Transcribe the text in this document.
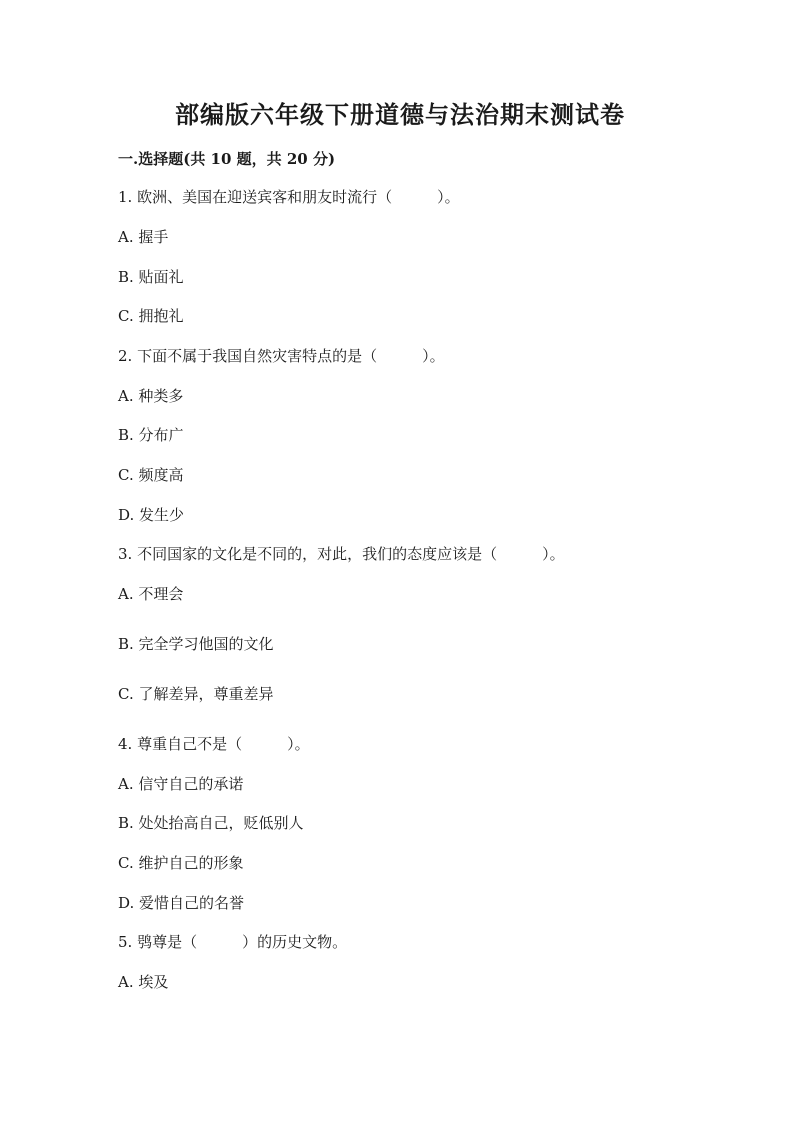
部编版六年级下册道德与法治期末测试卷
一.选择题(共 10 题，共 20 分)
1. 欧洲、美国在迎送宾客和朋友时流行（　　　）。
A. 握手
B. 贴面礼
C. 拥抱礼
2. 下面不属于我国自然灾害特点的是（　　　）。
A. 种类多
B. 分布广
C. 频度高
D. 发生少
3. 不同国家的文化是不同的，对此，我们的态度应该是（　　　）。
A. 不理会
B. 完全学习他国的文化
C. 了解差异，尊重差异
4. 尊重自己不是（　　　）。
A. 信守自己的承诺
B. 处处抬高自己，贬低别人
C. 维护自己的形象
D. 爱惜自己的名誉
5. 鸮尊是（　　　）的历史文物。
A. 埃及
